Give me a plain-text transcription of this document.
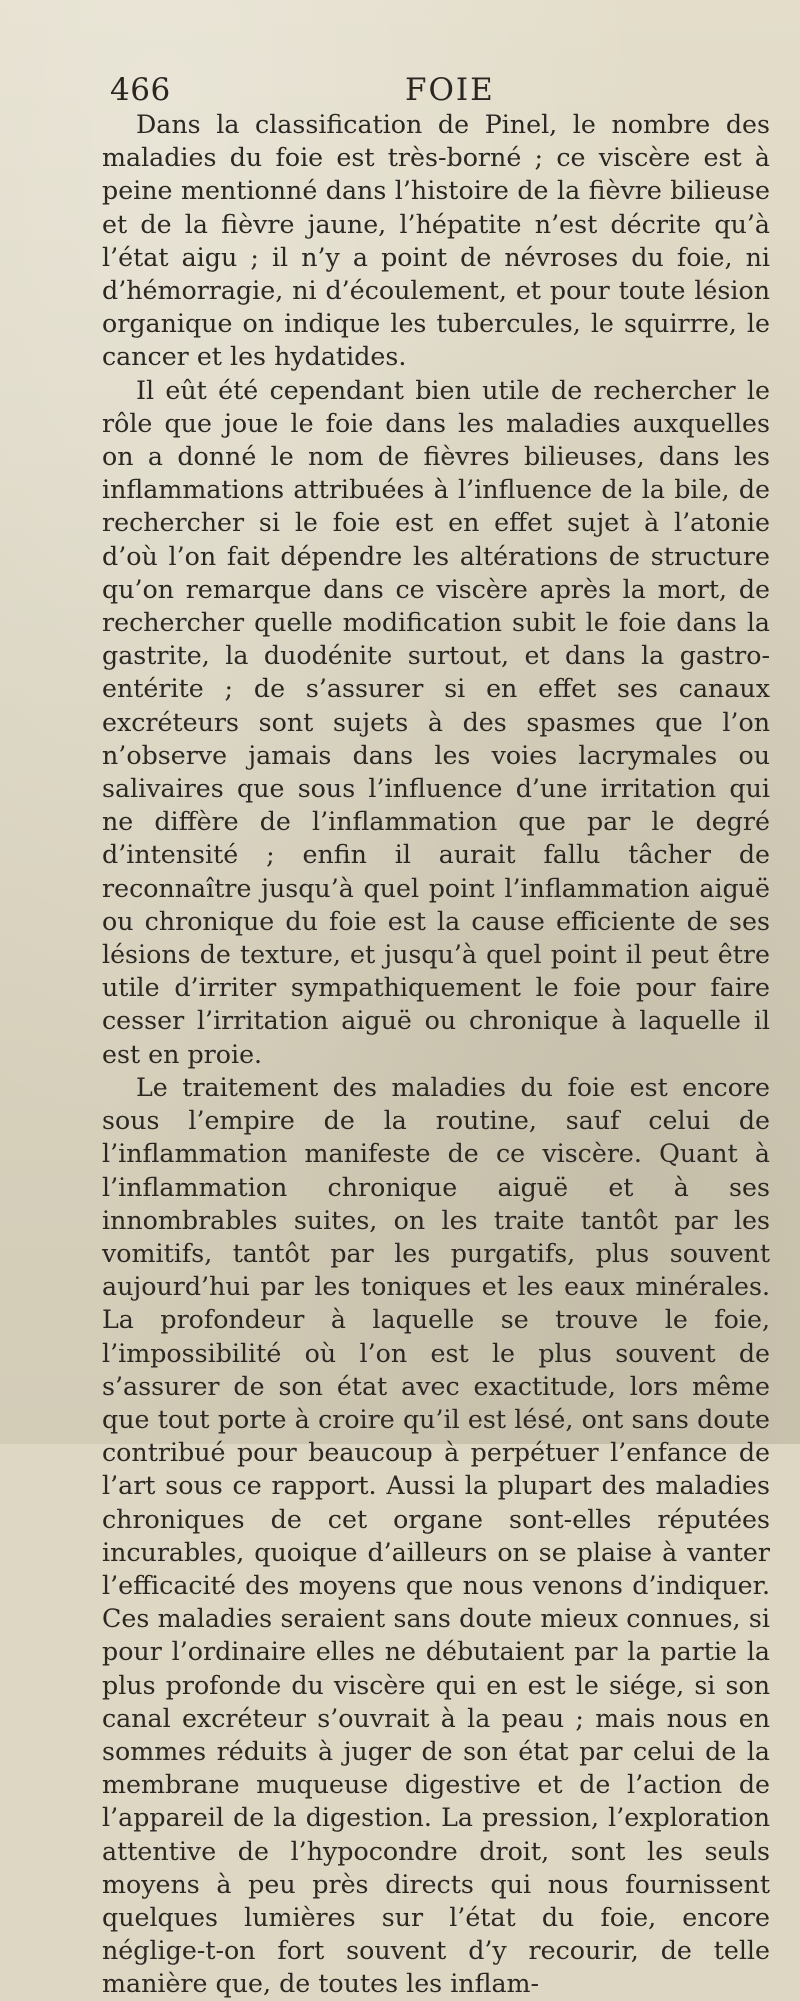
466	FOIE

Dans la classification de Pinel, le nombre des maladies du foie est très-borné ; ce viscère est à peine mentionné dans l’histoire de la fièvre bilieuse et de la fièvre jaune, l’hépatite n’est décrite qu’à l’état aigu ; il n’y a point de névroses du foie, ni d’hémorragie, ni d’écoulement, et pour toute lésion organique on indique les tubercules, le squirrre, le cancer et les hydatides.

Il eût été cependant bien utile de rechercher le rôle que joue le foie dans les maladies auxquelles on a donné le nom de fièvres bilieuses, dans les inflammations attribuées à l’influence de la bile, de rechercher si le foie est en effet sujet à l’atonie d’où l’on fait dépendre les altérations de structure qu’on remarque dans ce viscère après la mort, de rechercher quelle modification subit le foie dans la gastrite, la duodénite surtout, et dans la gastro-entérite ; de s’assurer si en effet ses canaux excréteurs sont sujets à des spasmes que l’on n’observe jamais dans les voies lacrymales ou salivaires que sous l’influence d’une irritation qui ne diffère de l’inflammation que par le degré d’intensité ; enfin il aurait fallu tâcher de reconnaître jusqu’à quel point l’inflammation aiguë ou chronique du foie est la cause efficiente de ses lésions de texture, et jusqu’à quel point il peut être utile d’irriter sympathiquement le foie pour faire cesser l’irritation aiguë ou chronique à laquelle il est en proie.

Le traitement des maladies du foie est encore sous l’empire de la routine, sauf celui de l’inflammation manifeste de ce viscère. Quant à l’inflammation chronique aiguë et à ses innombrables suites, on les traite tantôt par les vomitifs, tantôt par les purgatifs, plus souvent aujourd’hui par les toniques et les eaux minérales. La profondeur à laquelle se trouve le foie, l’impossibilité où l’on est le plus souvent de s’assurer de son état avec exactitude, lors même que tout porte à croire qu’il est lésé, ont sans doute contribué pour beaucoup à perpétuer l’enfance de l’art sous ce rapport. Aussi la plupart des maladies chroniques de cet organe sont-elles réputées incurables, quoique d’ailleurs on se plaise à vanter l’efficacité des moyens que nous venons d’indiquer. Ces maladies seraient sans doute mieux connues, si pour l’ordinaire elles ne débutaient par la partie la plus profonde du viscère qui en est le siége, si son canal excréteur s’ouvrait à la peau ; mais nous en sommes réduits à juger de son état par celui de la membrane muqueuse digestive et de l’action de l’appareil de la digestion. La pression, l’exploration attentive de l’hypocondre droit, sont les seuls moyens à peu près directs qui nous fournissent quelques lumières sur l’état du foie, encore néglige-t-on fort souvent d’y recourir, de telle manière que, de toutes les inflam-
